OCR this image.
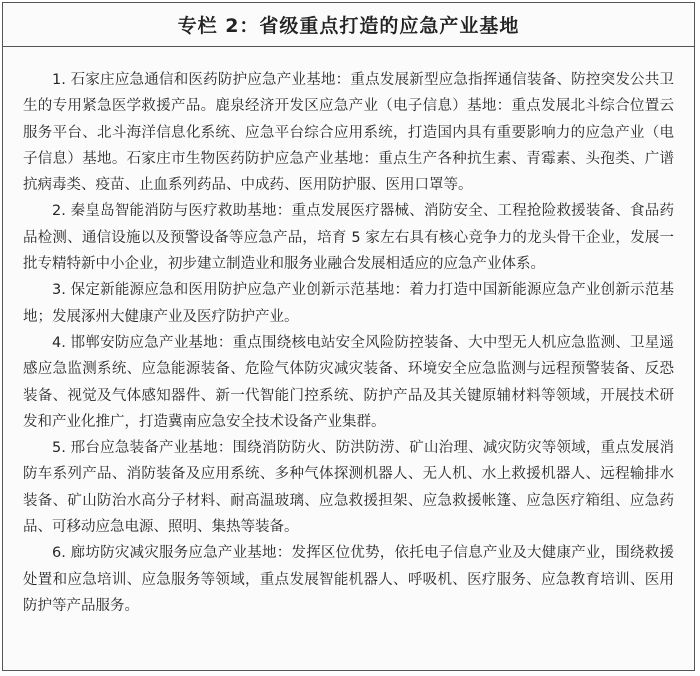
专栏 2：省级重点打造的应急产业基地

1. 石家庄应急通信和医药防护应急产业基地：重点发展新型应急指挥通信装备、防控突发公共卫生的专用紧急医学救援产品。鹿泉经济开发区应急产业（电子信息）基地：重点发展北斗综合位置云服务平台、北斗海洋信息化系统、应急平台综合应用系统，打造国内具有重要影响力的应急产业（电子信息）基地。石家庄市生物医药防护应急产业基地：重点生产各种抗生素、青霉素、头孢类、广谱抗病毒类、疫苗、止血系列药品、中成药、医用防护服、医用口罩等。

2. 秦皇岛智能消防与医疗救助基地：重点发展医疗器械、消防安全、工程抢险救援装备、食品药品检测、通信设施以及预警设备等应急产品，培育 5 家左右具有核心竞争力的龙头骨干企业，发展一批专精特新中小企业，初步建立制造业和服务业融合发展相适应的应急产业体系。

3. 保定新能源应急和医用防护应急产业创新示范基地：着力打造中国新能源应急产业创新示范基地；发展涿州大健康产业及医疗防护产业。

4. 邯郸安防应急产业基地：重点围绕核电站安全风险防控装备、大中型无人机应急监测、卫星遥感应急监测系统、应急能源装备、危险气体防灾减灾装备、环境安全应急监测与远程预警装备、反恐装备、视觉及气体感知器件、新一代智能门控系统、防护产品及其关键原辅材料等领域，开展技术研发和产业化推广，打造冀南应急安全技术设备产业集群。

5. 邢台应急装备产业基地：围绕消防防火、防洪防涝、矿山治理、减灾防灾等领域，重点发展消防车系列产品、消防装备及应用系统、多种气体探测机器人、无人机、水上救援机器人、远程输排水装备、矿山防治水高分子材料、耐高温玻璃、应急救援担架、应急救援帐篷、应急医疗箱组、应急药品、可移动应急电源、照明、集热等装备。

6. 廊坊防灾减灾服务应急产业基地：发挥区位优势，依托电子信息产业及大健康产业，围绕救援处置和应急培训、应急服务等领域，重点发展智能机器人、呼吸机、医疗服务、应急教育培训、医用防护等产品服务。
